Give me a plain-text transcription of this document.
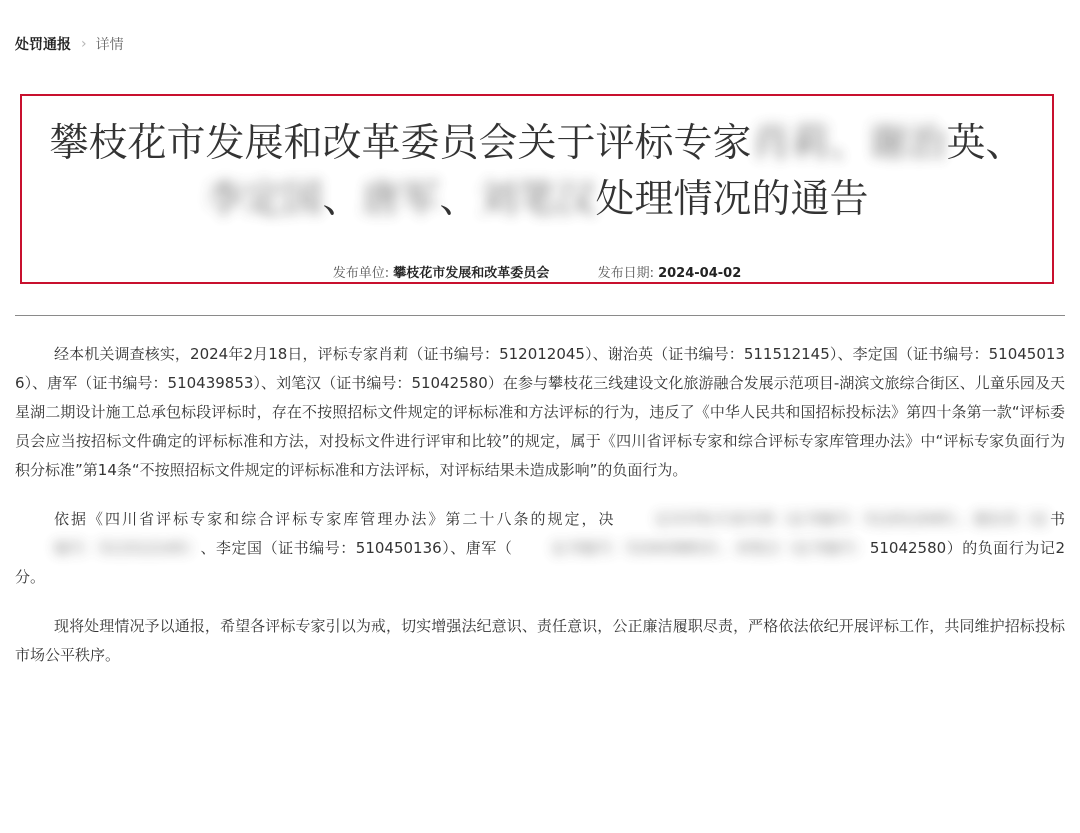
处罚通报 › 详情
攀枝花市发展和改革委员会关于评标专家肖莉、谢治英、李定国、唐军、刘笔汉处理情况的通告
发布单位: 攀枝花市发展和改革委员会	发布日期: 2024-04-02

经本机关调查核实，2024年2月18日，评标专家肖莉（证书编号：512012045）、谢治英（证书编号：511512145）、李定国（证书编号：510450136）、唐军（证书编号：510439853）、刘笔汉（证书编号：51042580）在参与攀枝花三线建设文化旅游融合发展示范项目-湖滨文旅综合街区、儿童乐园及天星湖二期设计施工总承包标段评标时，存在不按照招标文件规定的评标标准和方法评标的行为，违反了《中华人民共和国招标投标法》第四十条第一款“评标委员会应当按招标文件确定的评标标准和方法，对投标文件进行评审和比较”的规定，属于《四川省评标专家和综合评标专家库管理办法》中“评标专家负面行为积分标准”第14条“不按照招标文件规定的评标标准和方法评标，对评标结果未造成影响”的负面行为。

依据《四川省评标专家和综合评标专家库管理办法》第二十八条的规定，决	定对评标专家肖莉（证书编号：512012045）、谢治英（证书编号：511512145）、李定国（证书编号：510450136）、唐军（	证书编号：510439853）、刘笔汉（证书编号：51042580）的负面行为记2分。

现将处理情况予以通报，希望各评标专家引以为戒，切实增强法纪意识、责任意识，公正廉洁履职尽责，严格依法依纪开展评标工作，共同维护招标投标市场公平秩序。
